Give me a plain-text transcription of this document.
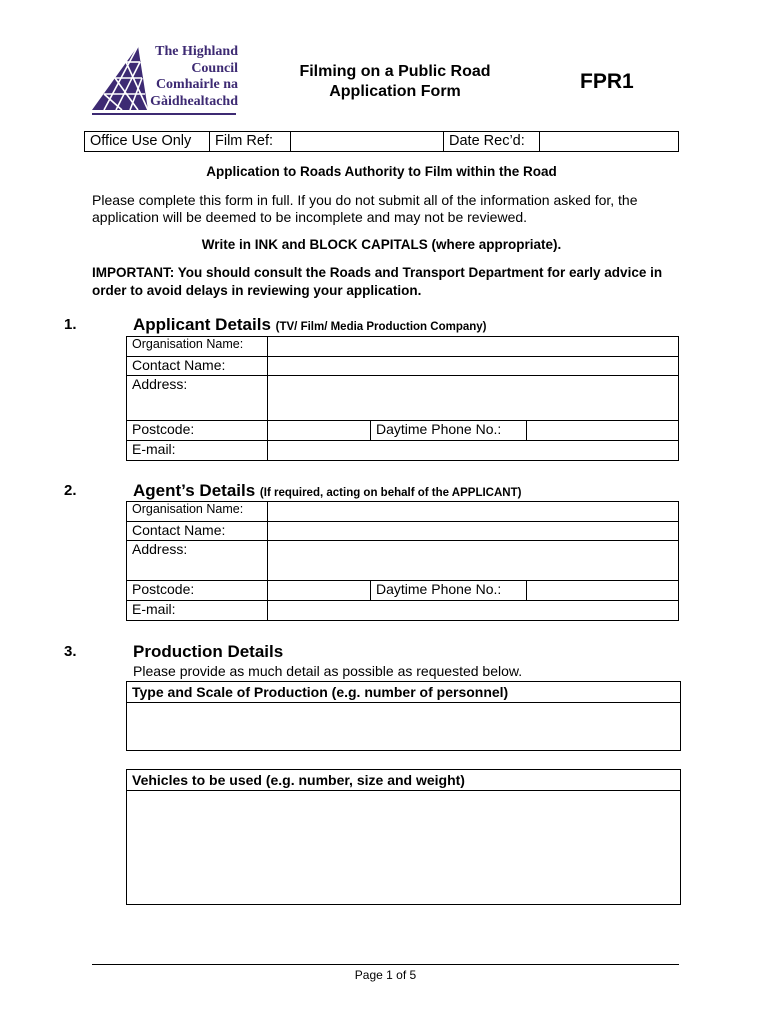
The Highland
Council
Comhairle na
Gàidhealtachd
Filming on a Public Road
Application Form	FPR1
Office Use Only	Film Ref:		Date Rec’d:	
Application to Roads Authority to Film within the Road
Please complete this form in full. If you do not submit all of the information asked for, the application will be deemed to be incomplete and may not be reviewed.
Write in INK and BLOCK CAPITALS (where appropriate).
IMPORTANT: You should consult the Roads and Transport Department for early advice in order to avoid delays in reviewing your application.
1.	Applicant Details (TV/ Film/ Media Production Company)
Organisation Name:			
Contact Name:			
Address:			
Postcode:		Daytime Phone No.:	
E-mail:			
2.	Agent’s Details (If required, acting on behalf of the APPLICANT)
Organisation Name:			
Contact Name:			
Address:			
Postcode:		Daytime Phone No.:	
E-mail:			
3.	Production Details
Please provide as much detail as possible as requested below.
Type and Scale of Production (e.g. number of personnel)
Vehicles to be used (e.g. number, size and weight)
Page 1 of 5
